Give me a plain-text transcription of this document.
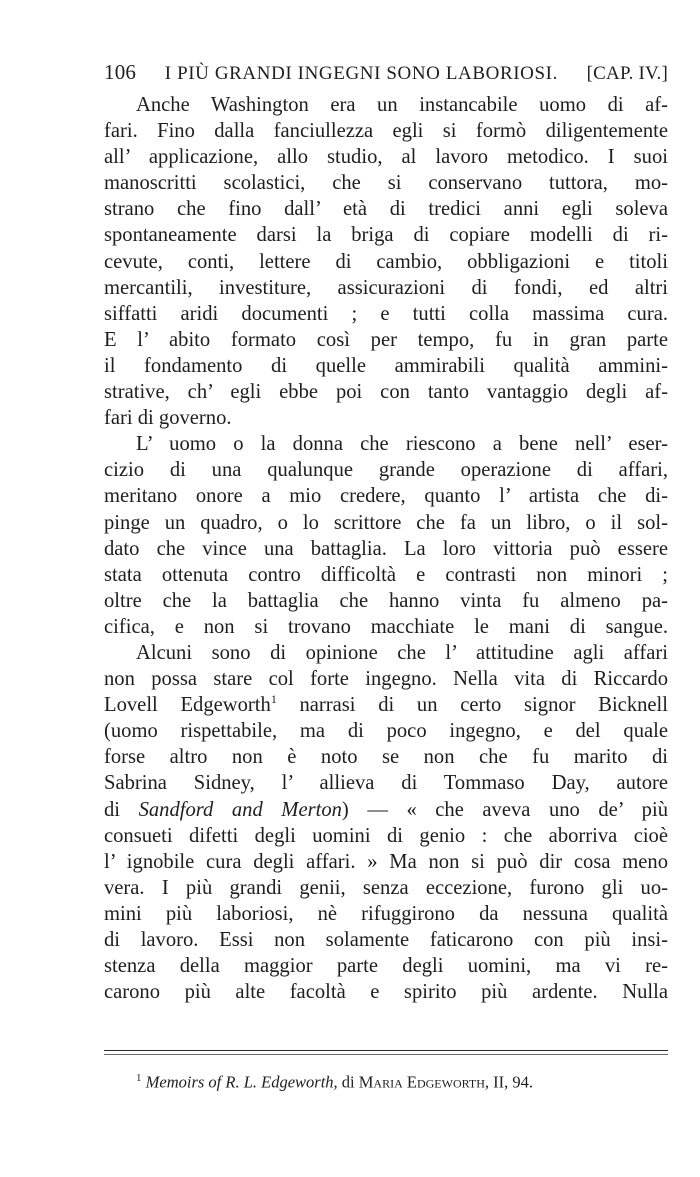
106 I PIÙ GRANDI INGEGNI SONO LABORIOSI. [CAP. IV.]
Anche Washington era un instancabile uomo di af-
fari. Fino dalla fanciullezza egli si formò diligentemente
all’ applicazione, allo studio, al lavoro metodico. I suoi
manoscritti scolastici, che si conservano tuttora, mo-
strano che fino dall’ età di tredici anni egli soleva
spontaneamente darsi la briga di copiare modelli di ri-
cevute, conti, lettere di cambio, obbligazioni e titoli
mercantili, investiture, assicurazioni di fondi, ed altri
siffatti aridi documenti ; e tutti colla massima cura.
E l’ abito formato così per tempo, fu in gran parte
il fondamento di quelle ammirabili qualità ammini-
strative, ch’ egli ebbe poi con tanto vantaggio degli af-
fari di governo.
L’ uomo o la donna che riescono a bene nell’ eser-
cizio di una qualunque grande operazione di affari,
meritano onore a mio credere, quanto l’ artista che di-
pinge un quadro, o lo scrittore che fa un libro, o il sol-
dato che vince una battaglia. La loro vittoria può essere
stata ottenuta contro difficoltà e contrasti non minori ;
oltre che la battaglia che hanno vinta fu almeno pa-
cifica, e non si trovano macchiate le mani di sangue.
Alcuni sono di opinione che l’ attitudine agli affari
non possa stare col forte ingegno. Nella vita di Riccardo
Lovell Edgeworth$^1$ narrasi di un certo signor Bicknell
(uomo rispettabile, ma di poco ingegno, e del quale
forse altro non è noto se non che fu marito di
Sabrina Sidney, l’ allieva di Tommaso Day, autore
di Sandford and Merton) — « che aveva uno de’ più
consueti difetti degli uomini di genio : che aborriva cioè
l’ ignobile cura degli affari. » Ma non si può dir cosa meno
vera. I più grandi genii, senza eccezione, furono gli uo-
mini più laboriosi, nè rifuggirono da nessuna qualità
di lavoro. Essi non solamente faticarono con più insi-
stenza della maggior parte degli uomini, ma vi re-
carono più alte facoltà e spirito più ardente. Nulla
$^1$ Memoirs of R. L. Edgeworth, di Maria Edgeworth, II, 94.
